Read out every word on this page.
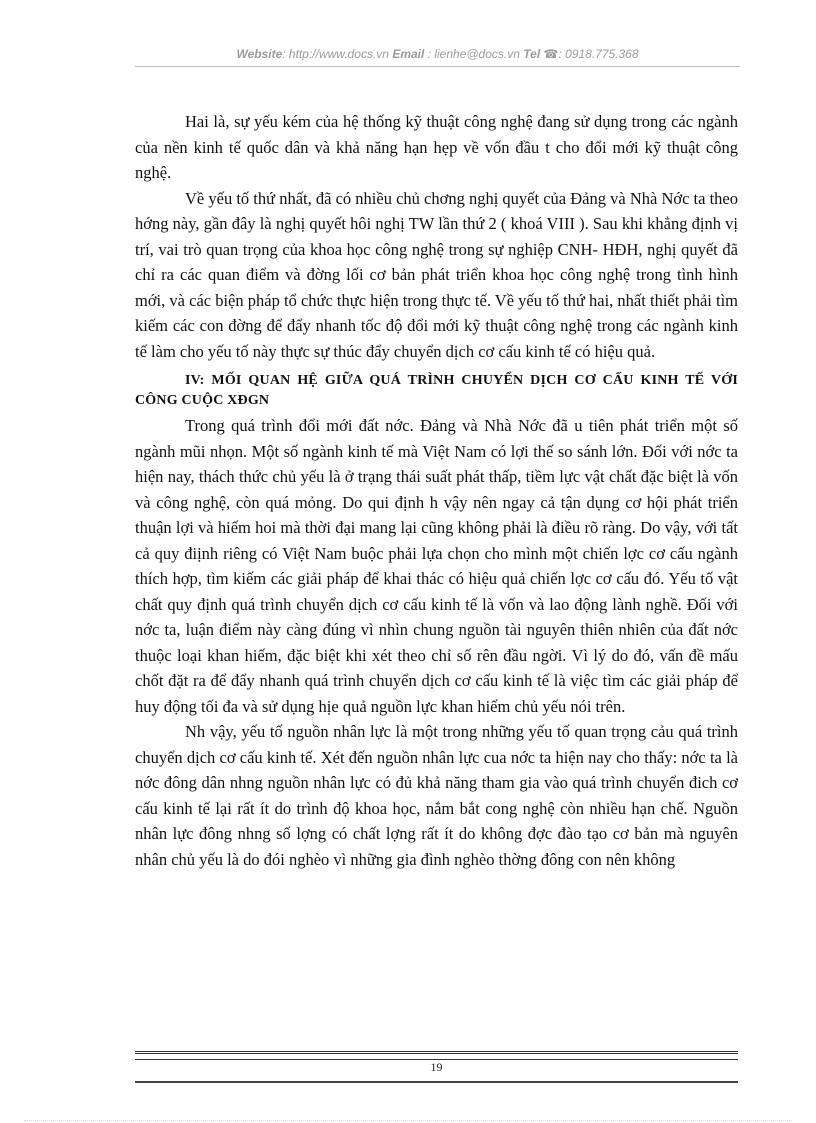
Website: http://www.docs.vn Email : lienhe@docs.vn Tel ☎: 0918.775.368

Hai là, sự yếu kém của hệ thống kỹ thuật công nghệ đang sử dụng trong các ngành của nền kinh tế quốc dân và khả năng hạn hẹp về vốn đầu t cho đổi mới kỹ thuật công nghệ.

Về yếu tố thứ nhất, đã có nhiều chủ chơng nghị quyết của Đảng và Nhà Nớc ta theo hớng này, gần đây là nghị quyết hôi nghị TW lần thứ 2 ( khoá VIII ). Sau khi khẳng định vị trí, vai trò quan trọng của khoa học công nghệ trong sự nghiệp CNH- HĐH, nghị quyết đã chỉ ra các quan điểm và đờng lối cơ bản phát triển khoa học công nghệ trong tình hình mới, và các biện pháp tổ chức thực hiện trong thực tế. Về yếu tố thứ hai, nhất thiết phải tìm kiếm các con đờng để đẩy nhanh tốc độ đổi mới kỹ thuật công nghệ trong các ngành kinh tế làm cho yếu tố này thực sự thúc đẩy chuyển dịch cơ cấu kinh tế có hiệu quả.

IV: MỐI QUAN HỆ GIỮA QUÁ TRÌNH CHUYỂN DỊCH CƠ CẤU KINH TẾ VỚI CÔNG CUỘC XĐGN

Trong quá trình đổi mới đất nớc. Đảng và Nhà Nớc đã u tiên phát triển một số ngành mũi nhọn. Một số ngành kinh tế mà Việt Nam có lợi thế so sánh lớn. Đối với nớc ta hiện nay, thách thức chủ yếu là ở trạng thái suất phát thấp, tiềm lực vật chất đặc biệt là vốn và công nghệ, còn quá mỏng. Do qui định h vậy nên ngay cả tận dụng cơ hội phát triển thuận lợi và hiếm hoi mà thời đại mang lại cũng không phải là điều rõ ràng. Do vậy, với tất cả quy điịnh riêng có Việt Nam buộc phải lựa chọn cho mình một chiến lợc cơ cấu ngành thích hợp, tìm kiếm các giải pháp để khai thác có hiệu quả chiến lợc cơ cấu đó. Yếu tố vật chất quy định quá trình chuyển dịch cơ cấu kinh tế là vốn và lao động lành nghề. Đối với nớc ta, luận điểm này càng đúng vì nhìn chung nguồn tài nguyên thiên nhiên của đất nớc thuộc loại khan hiếm, đặc biệt khi xét theo chỉ số rên đầu ngời. Vì lý do đó, vấn đề mấu chốt đặt ra để đẩy nhanh quá trình chuyển dịch cơ cấu kinh tế là việc tìm các giải pháp để huy động tối đa và sử dụng hịe quả nguồn lực khan hiếm chủ yếu nói trên.

Nh vậy, yếu tố nguồn nhân lực là một trong những yếu tố quan trọng cảu quá trình chuyển dịch cơ cấu kinh tế. Xét đến nguồn nhân lực cua nớc ta hiện nay cho thấy: nớc ta là nớc đông dân nhng nguồn nhân lực có đủ khả năng tham gia vào quá trình chuyển đich cơ cấu kinh tế lại rất ít do trình độ khoa học, nắm bắt cong nghệ còn nhiều hạn chế. Nguồn nhân lực đông nhng số lợng có chất lợng rất ít do không đợc đào tạo cơ bản mà nguyên nhân chủ yếu là do đói nghèo vì những gia đình nghèo thờng đông con nên không

19
